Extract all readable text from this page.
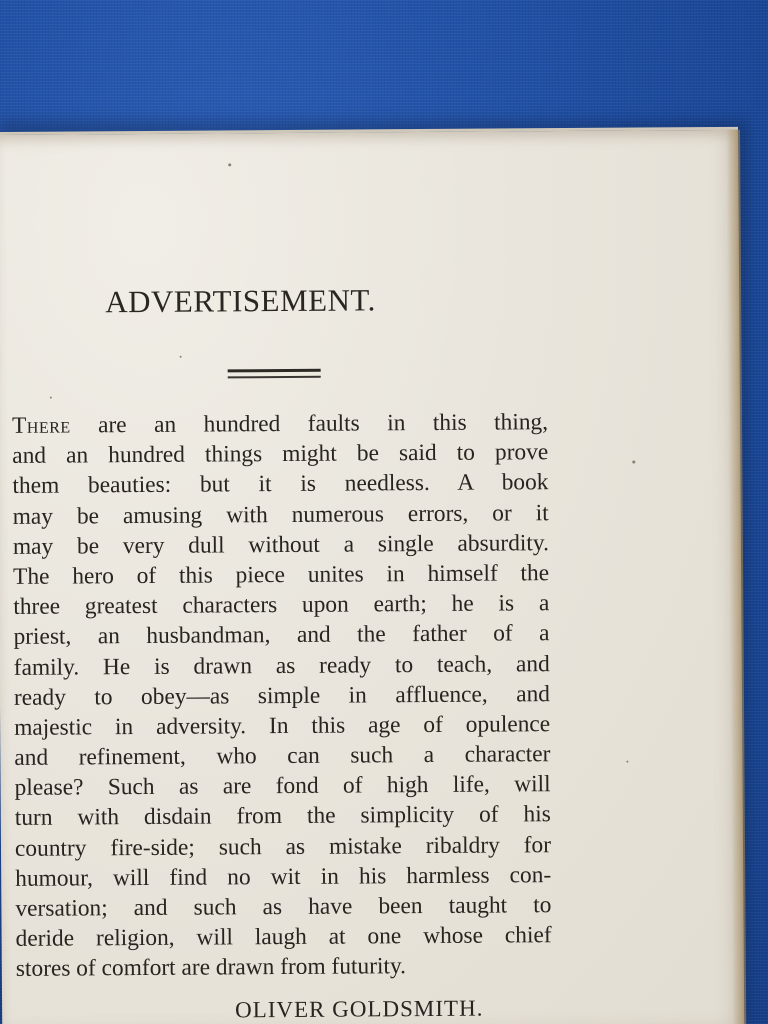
ADVERTISEMENT.
There are an hundred faults in this thing,
and an hundred things might be said to prove
them beauties: but it is needless. A book
may be amusing with numerous errors, or it
may be very dull without a single absurdity.
The hero of this piece unites in himself the
three greatest characters upon earth; he is a
priest, an husbandman, and the father of a
family. He is drawn as ready to teach, and
ready to obey—as simple in affluence, and
majestic in adversity. In this age of opulence
and refinement, who can such a character
please? Such as are fond of high life, will
turn with disdain from the simplicity of his
country fire-side; such as mistake ribaldry for
humour, will find no wit in his harmless con-
versation; and such as have been taught to
deride religion, will laugh at one whose chief
stores of comfort are drawn from futurity.
OLIVER GOLDSMITH.
